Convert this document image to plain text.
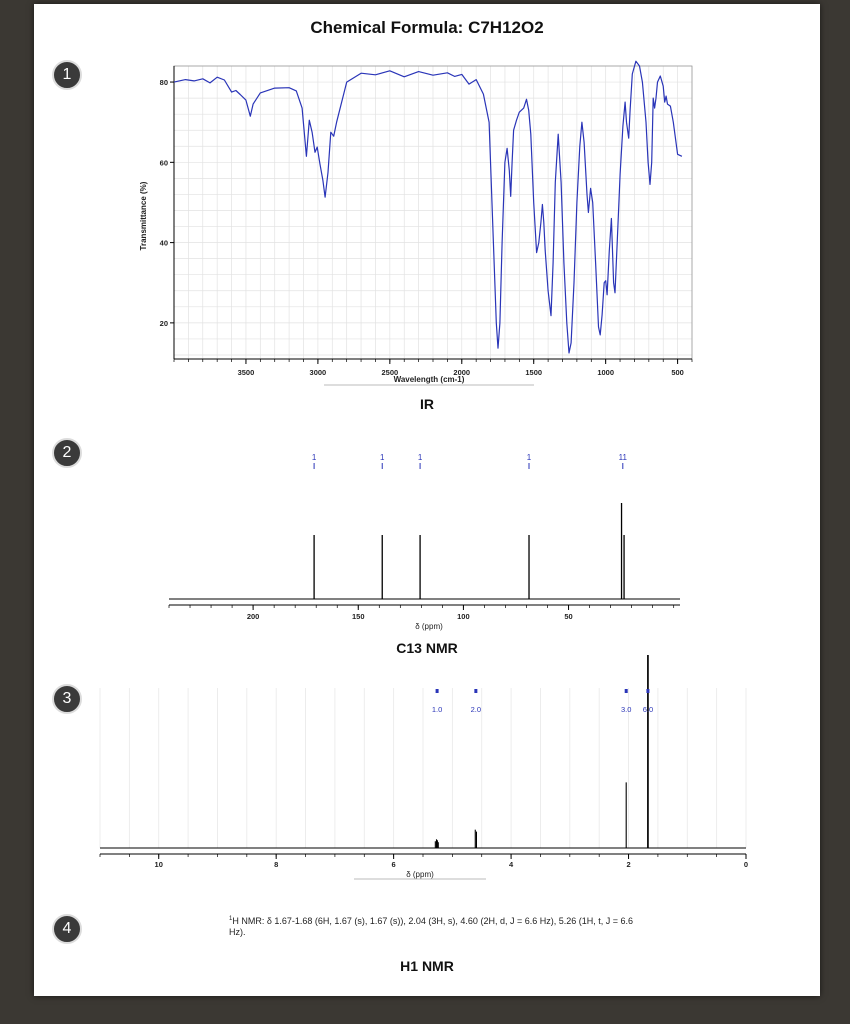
Chemical Formula: C7H12O2
1
2
3
4
3500	3000	2500	2000	1500	1000	500
20
40
60
80
Wavelength (cm-1)
Transmittance (%)
200	150	100	50
δ (ppm)
1	1	1	1	11
10	8	6	4	2	0
δ (ppm)
1.0	2.0	3.0 6.0
IR
C13 NMR
$^1$H NMR: δ 1.67-1.68 (6H, 1.67 (s), 1.67 (s)), 2.04 (3H, s), 4.60 (2H, d, J = 6.6 Hz), 5.26 (1H, t, J = 6.6 Hz).
H1 NMR
